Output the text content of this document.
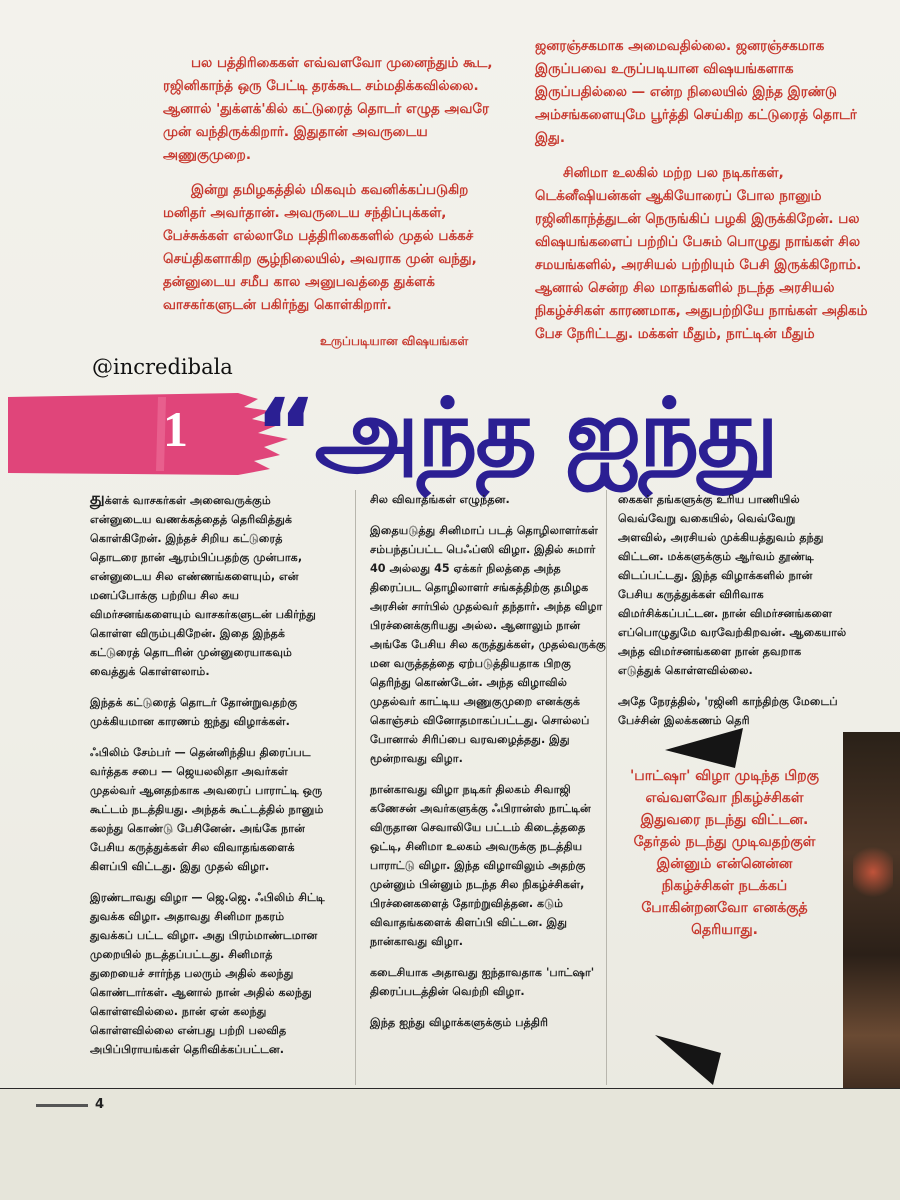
பல பத்திரிகைகள் எவ்வளவோ முனைந்தும் கூட, ரஜினிகாந்த் ஒரு பேட்டி தரக்கூட சம்மதிக்கவில்லை. ஆனால் 'துக்ளக்'கில் கட்டுரைத் தொடர் எழுத அவரே முன் வந்திருக்கிறார். இதுதான் அவருடைய அணுகுமுறை.

இன்று தமிழகத்தில் மிகவும் கவனிக்கப்படுகிற மனிதர் அவர்தான். அவருடைய சந்திப்புக்கள், பேச்சுக்கள் எல்லாமே பத்திரிகைகளில் முதல் பக்கச் செய்திகளாகிற சூழ்நிலையில், அவராக முன் வந்து, தன்னுடைய சமீப கால அனுபவத்தை துக்ளக் வாசகர்களுடன் பகிர்ந்து கொள்கிறார்.

உருப்படியான விஷயங்கள்

ஜனரஞ்சகமாக அமைவதில்லை. ஜனரஞ்சகமாக இருப்பவை உருப்படியான விஷயங்களாக இருப்பதில்லை — என்ற நிலையில் இந்த இரண்டு அம்சங்களையுமே பூர்த்தி செய்கிற கட்டுரைத் தொடர் இது.

சினிமா உலகில் மற்ற பல நடிகர்கள், டெக்னீஷியன்கள் ஆகியோரைப் போல நானும் ரஜினிகாந்த்துடன் நெருங்கிப் பழகி இருக்கிறேன். பல விஷயங்களைப் பற்றிப் பேசும் பொழுது நாங்கள் சில சமயங்களில், அரசியல் பற்றியும் பேசி இருக்கிறோம். ஆனால் சென்ற சில மாதங்களில் நடந்த அரசியல் நிகழ்ச்சிகள் காரணமாக, அதுபற்றியே நாங்கள் அதிகம் பேச நேரிட்டது. மக்கள் மீதும், நாட்டின் மீதும்

@incredibala
1 “அந்த ஐந்து

துக்ளக் வாசகர்கள் அனைவருக்கும் என்னுடைய வணக்கத்தைத் தெரிவித்துக் கொள்கிறேன். இந்தச் சிறிய கட்டுரைத் தொடரை நான் ஆரம்பிப்பதற்கு முன்பாக, என்னுடைய சில எண்ணங்களையும், என் மனப்போக்கு பற்றிய சில சுய விமர்சனங்களையும் வாசகர்களுடன் பகிர்ந்து கொள்ள விரும்புகிறேன். இதை இந்தக் கட்டுரைத் தொடரின் முன்னுரையாகவும் வைத்துக் கொள்ளலாம்.

இந்தக் கட்டுரைத் தொடர் தோன்றுவதற்கு முக்கியமான காரணம் ஐந்து விழாக்கள்.

ஃபிலிம் சேம்பர் — தென்னிந்திய திரைப்பட வர்த்தக சபை — ஜெயலலிதா அவர்கள் முதல்வர் ஆனதற்காக அவரைப் பாராட்டி ஒரு கூட்டம் நடத்தியது. அந்தக் கூட்டத்தில் நானும் கலந்து கொண்டு பேசினேன். அங்கே நான் பேசிய கருத்துக்கள் சில விவாதங்களைக் கிளப்பி விட்டது. இது முதல் விழா.

இரண்டாவது விழா — ஜெ.ஜெ. ஃபிலிம் சிட்டி துவக்க விழா. அதாவது சினிமா நகரம் துவக்கப் பட்ட விழா. அது பிரம்மாண்டமான முறையில் நடத்தப்பட்டது. சினிமாத் துறையைச் சார்ந்த பலரும் அதில் கலந்து கொண்டார்கள். ஆனால் நான் அதில் கலந்து கொள்ளவில்லை. நான் ஏன் கலந்து கொள்ளவில்லை என்பது பற்றி பலவித அபிப்பிராயங்கள் தெரிவிக்கப்பட்டன.

சில விவாதங்கள் எழுந்தன.

இதையடுத்து சினிமாப் படத் தொழிலாளர்கள் சம்பந்தப்பட்ட பெஃப்ஸி விழா. இதில் சுமார் 40 அல்லது 45 ஏக்கர் நிலத்தை அந்த திரைப்பட தொழிலாளர் சங்கத்திற்கு தமிழக அரசின் சார்பில் முதல்வர் தந்தார். அந்த விழா பிரச்னைக்குரியது அல்ல. ஆனாலும் நான் அங்கே பேசிய சில கருத்துக்கள், முதல்வருக்கு மன வருத்தத்தை ஏற்படுத்தியதாக பிறகு தெரிந்து கொண்டேன். அந்த விழாவில் முதல்வர் காட்டிய அணுகுமுறை எனக்குக் கொஞ்சம் வினோதமாகப்பட்டது. சொல்லப் போனால் சிரிப்பை வரவழைத்தது. இது மூன்றாவது விழா.

நான்காவது விழா நடிகர் திலகம் சிவாஜி கணேசன் அவர்களுக்கு ஃபிரான்ஸ் நாட்டின் விருதான செவாலியே பட்டம் கிடைத்ததை ஒட்டி, சினிமா உலகம் அவருக்கு நடத்திய பாராட்டு விழா. இந்த விழாவிலும் அதற்கு முன்னும் பின்னும் நடந்த சில நிகழ்ச்சிகள், பிரச்னைகளைத் தோற்றுவித்தன. கடும் விவாதங்களைக் கிளப்பி விட்டன. இது நான்காவது விழா.

கடைசியாக அதாவது ஐந்தாவதாக 'பாட்ஷா' திரைப்படத்தின் வெற்றி விழா.

இந்த ஐந்து விழாக்களுக்கும் பத்திரி

கைகள் தங்களுக்கு உரிய பாணியில் வெவ்வேறு வகையில், வெவ்வேறு அளவில், அரசியல் முக்கியத்துவம் தந்து விட்டன. மக்களுக்கும் ஆர்வம் தூண்டி விடப்பட்டது. இந்த விழாக்களில் நான் பேசிய கருத்துக்கள் விரிவாக விமர்சிக்கப்பட்டன. நான் விமர்சனங்களை எப்பொழுதுமே வரவேற்கிறவன். ஆகையால் அந்த விமர்சனங்களை நான் தவறாக எடுத்துக் கொள்ளவில்லை.

அதே நேரத்தில், 'ரஜினி காந்திற்கு மேடைப் பேச்சின் இலக்கணம் தெரி

'பாட்ஷா' விழா முடிந்த பிறகு எவ்வளவோ நிகழ்ச்சிகள் இதுவரை நடந்து விட்டன. தேர்தல் நடந்து முடிவதற்குள் இன்னும் என்னென்ன நிகழ்ச்சிகள் நடக்கப் போகின்றனவோ எனக்குத் தெரியாது.
4
